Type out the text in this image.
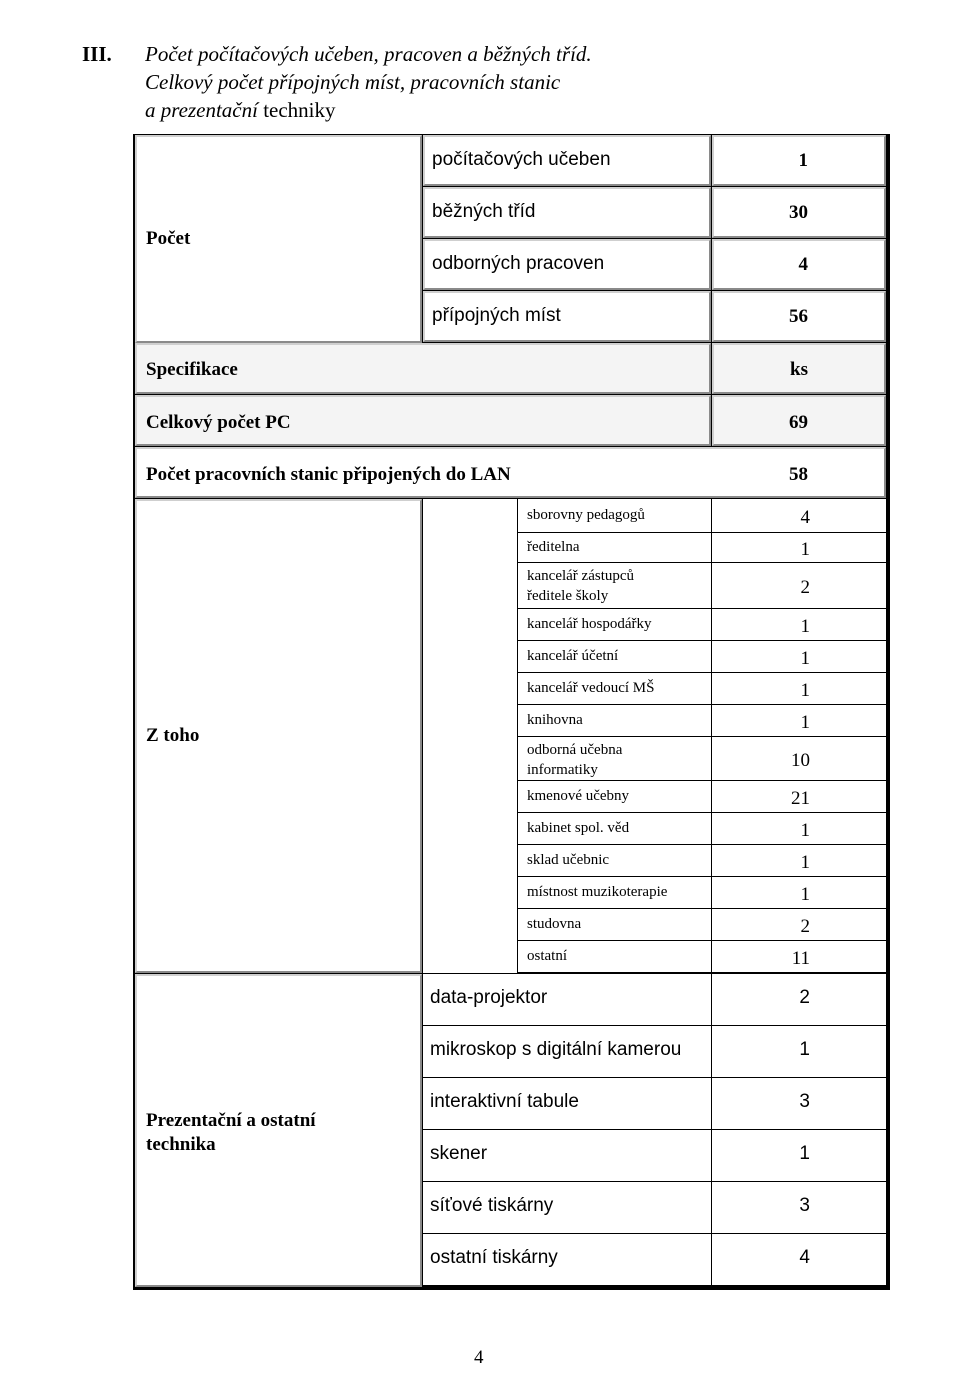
III. Počet počítačových učeben, pracoven a běžných tříd.
Celkový počet přípojných míst, pracovních stanic
a prezentační techniky
Počet
počítačových učeben	1
běžných tříd	30
odborných pracoven	4
přípojných míst	56
Specifikace	ks
Celkový počet PC	69
Počet pracovních stanic připojených do LAN	58
Z toho
sborovny pedagogů	4
ředitelna	1
kancelář zástupců
ředitele školy	2
kancelář hospodářky	1
kancelář účetní	1
kancelář vedoucí MŠ	1
knihovna	1
odborná učebna
informatiky	10
kmenové učebny	21
kabinet spol. věd	1
sklad učebnic	1
místnost muzikoterapie	1
studovna	2
ostatní	11
Prezentační a ostatní
technika
data-projektor	2
mikroskop s digitální kamerou	1
interaktivní tabule	3
skener	1
síťové tiskárny	3
ostatní tiskárny	4
4
